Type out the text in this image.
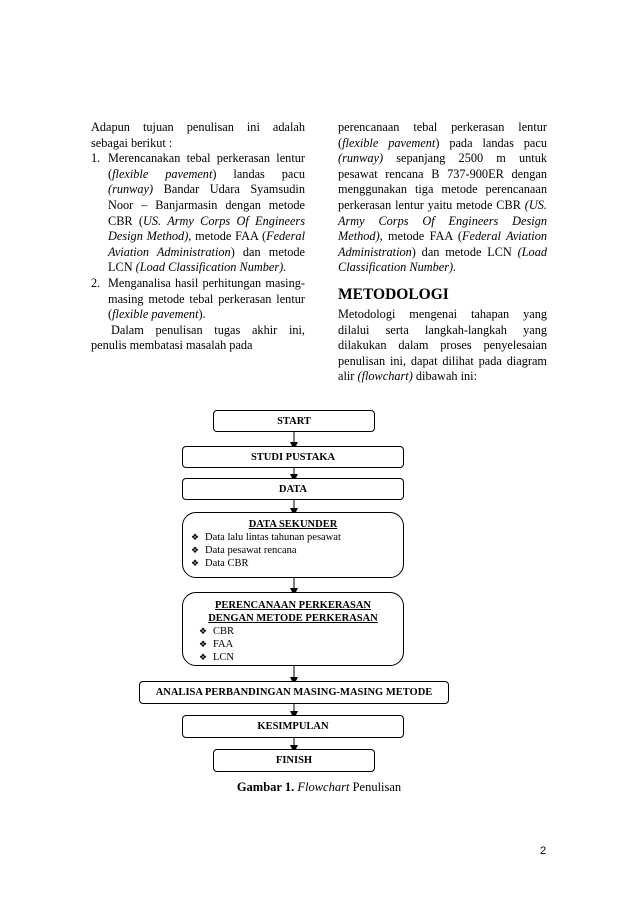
Adapun tujuan penulisan ini adalah sebagai berikut :

1. Merencanakan tebal perkerasan lentur (flexible pavement) landas pacu (runway) Bandar Udara Syamsudin Noor – Banjarmasin dengan metode CBR (US. Army Corps Of Engineers Design Method), metode FAA (Federal Aviation Administration) dan metode LCN (Load Classification Number).
2. Menganalisa hasil perhitungan masing-masing metode tebal perkerasan lentur (flexible pavement).

Dalam penulisan tugas akhir ini, penulis membatasi masalah pada

perencanaan tebal perkerasan lentur (flexible pavement) pada landas pacu (runway) sepanjang 2500 m untuk pesawat rencana B 737-900ER dengan menggunakan tiga metode perencanaan perkerasan lentur yaitu metode CBR (US. Army Corps Of Engineers Design Method), metode FAA (Federal Aviation Administration) dan metode LCN (Load Classification Number).

METODOLOGI

Metodologi mengenai tahapan yang dilalui serta langkah-langkah yang dilakukan dalam proses penyelesaian penulisan ini, dapat dilihat pada diagram alir (flowchart) dibawah ini:

START
STUDI PUSTAKA
DATA
DATA SEKUNDER
❖ Data lalu lintas tahunan pesawat
❖ Data pesawat rencana
❖ Data CBR
PERENCANAAN PERKERASAN
DENGAN METODE PERKERASAN
❖ CBR
❖ FAA
❖ LCN
ANALISA PERBANDINGAN MASING-MASING METODE
KESIMPULAN
FINISH
Gambar 1. Flowchart Penulisan
2
